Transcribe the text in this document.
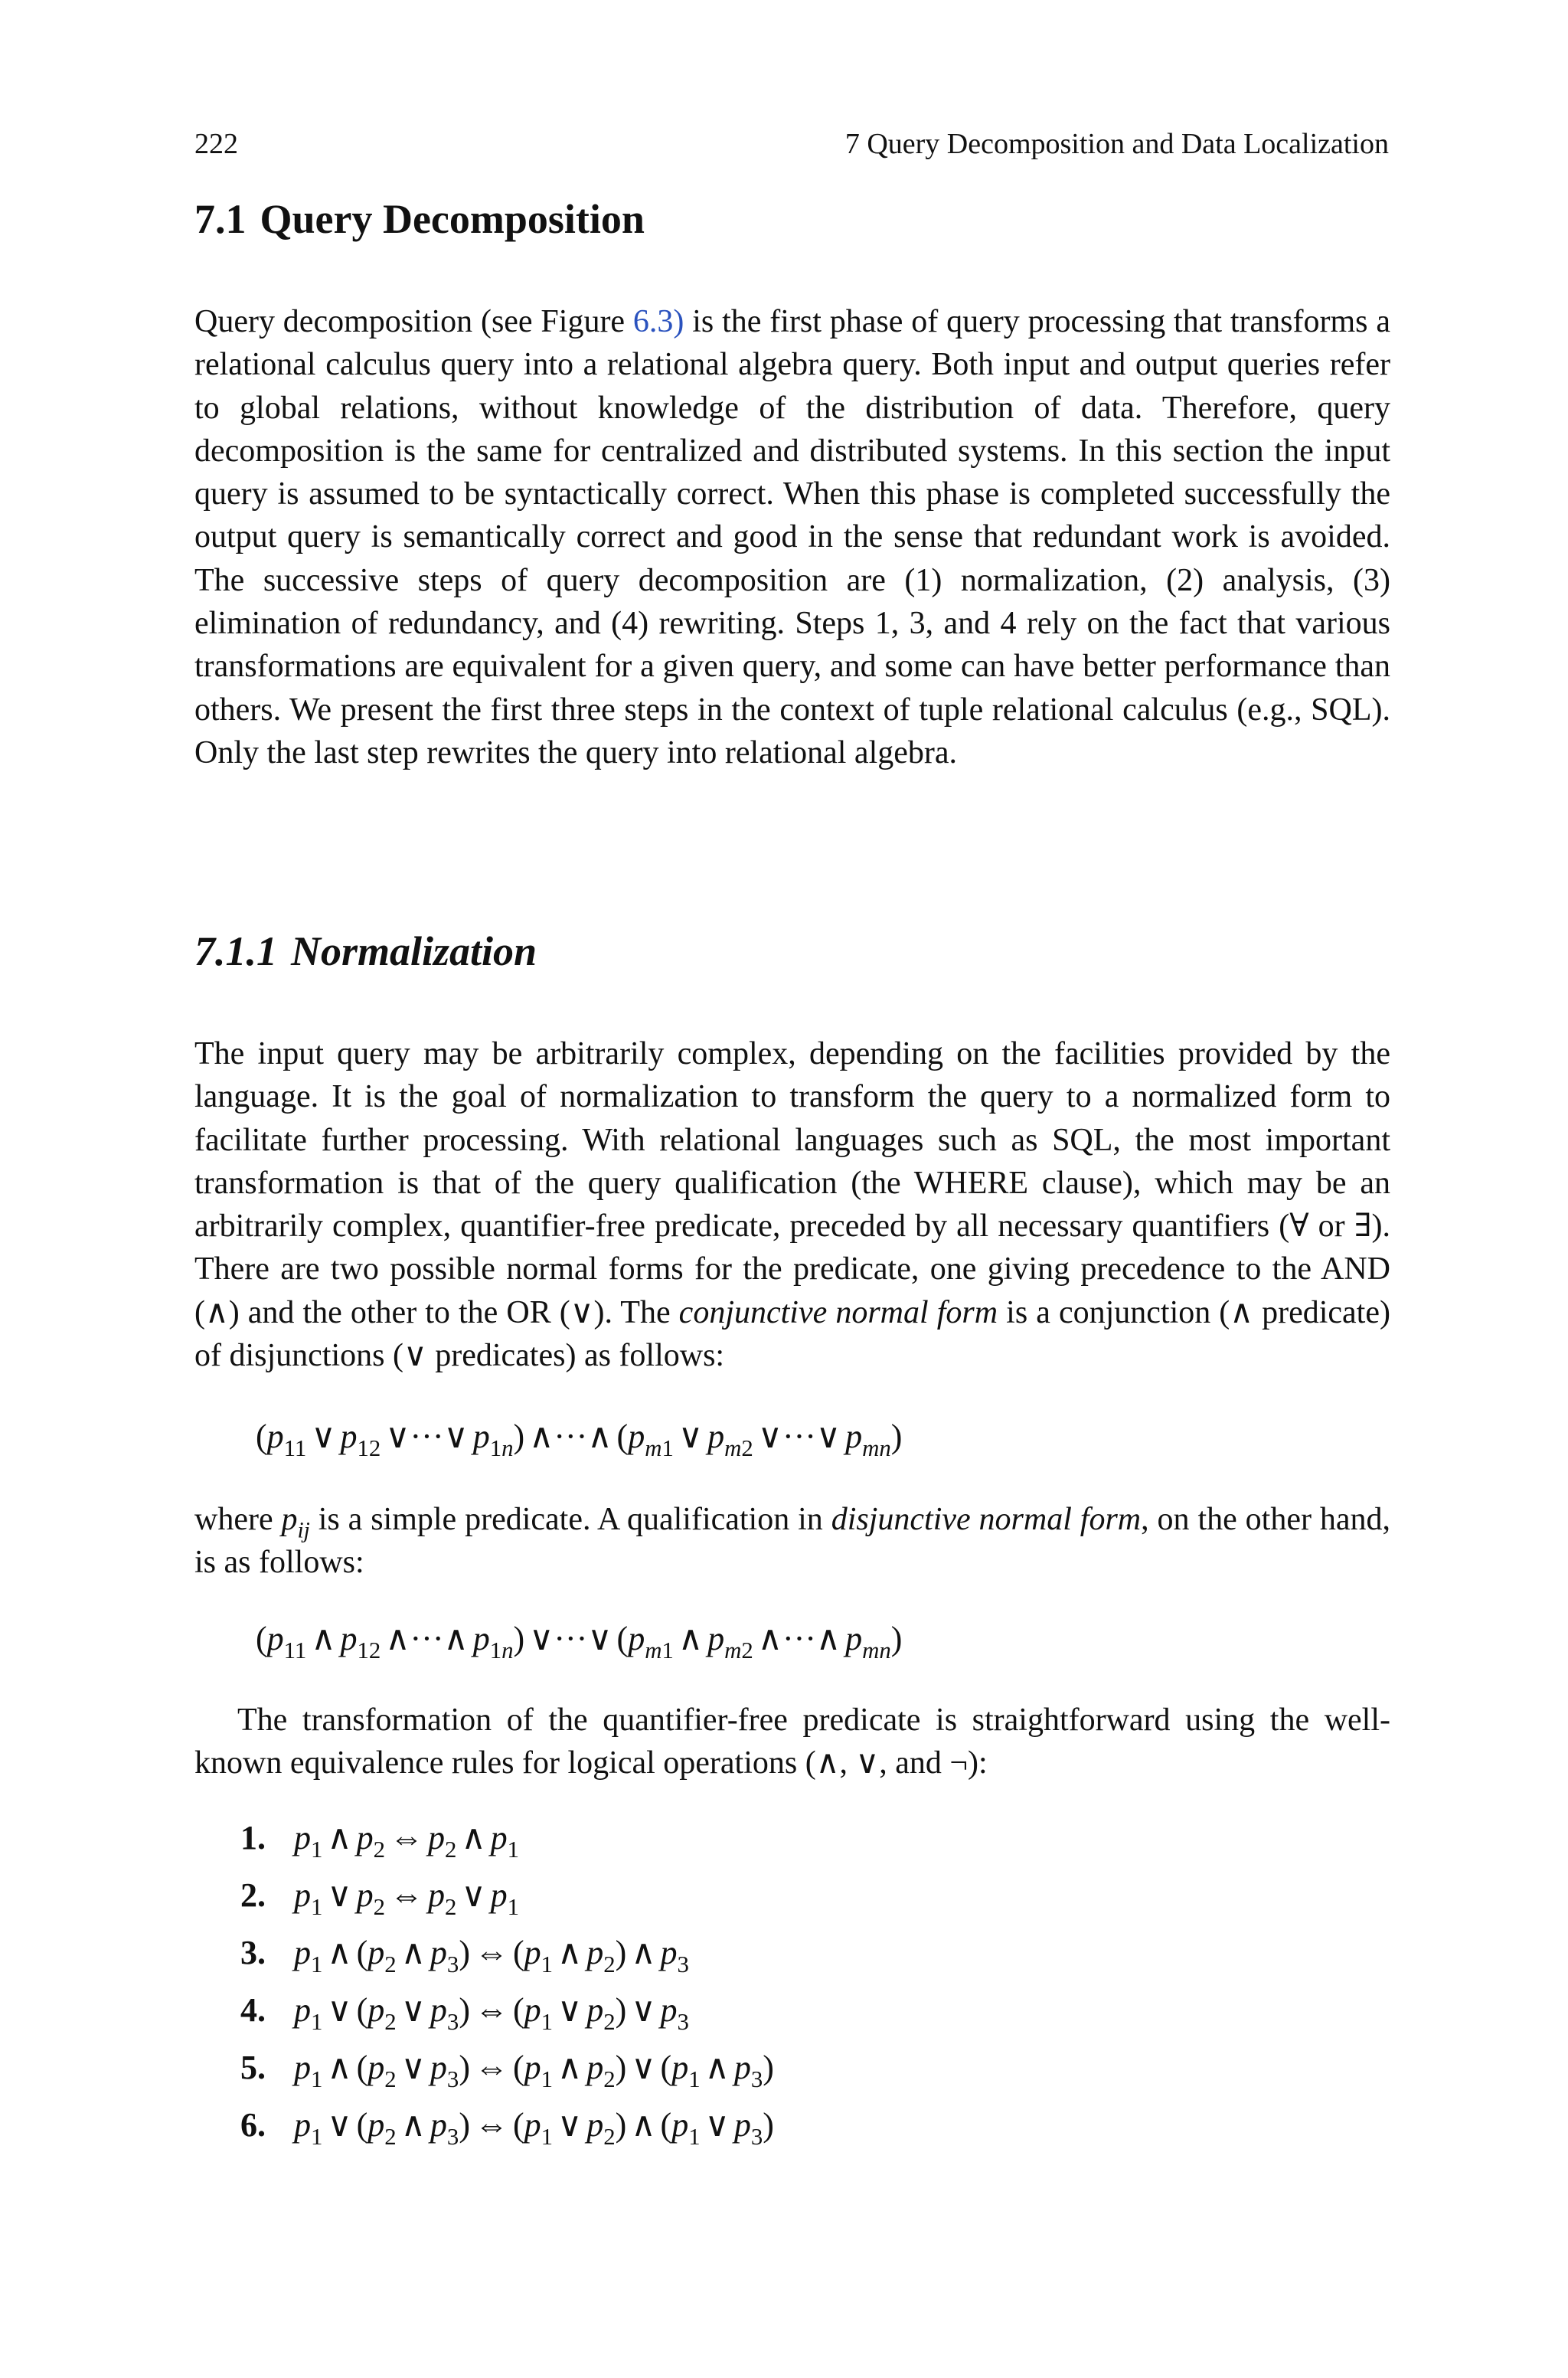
222	7 Query Decomposition and Data Localization
7.1 Query Decomposition

Query decomposition (see Figure 6.3) is the first phase of query processing that transforms a relational calculus query into a relational algebra query. Both input and output queries refer to global relations, without knowledge of the distribution of data. Therefore, query decomposition is the same for centralized and distributed systems. In this section the input query is assumed to be syntactically correct. When this phase is completed successfully the output query is semantically correct and good in the sense that redundant work is avoided. The successive steps of query decomposition are (1) normalization, (2) analysis, (3) elimination of redundancy, and (4) rewriting. Steps 1, 3, and 4 rely on the fact that various transformations are equivalent for a given query, and some can have better performance than others. We present the first three steps in the context of tuple relational calculus (e.g., SQL). Only the last step rewrites the query into relational algebra.

7.1.1 Normalization

The input query may be arbitrarily complex, depending on the facilities provided by the language. It is the goal of normalization to transform the query to a normalized form to facilitate further processing. With relational languages such as SQL, the most important transformation is that of the query qualification (the WHERE clause), which may be an arbitrarily complex, quantifier-free predicate, preceded by all necessary quantifiers (∀ or ∃). There are two possible normal forms for the predicate, one giving precedence to the AND (∧) and the other to the OR (∨). The conjunctive normal form is a conjunction (∧ predicate) of disjunctions (∨ predicates) as follows:

($p_{11}$ ∨ $p_{12}$ ∨···∨ $p_{1n}$) ∧···∧ ($p_{m1}$ ∨ $p_{m2}$ ∨···∨ $p_{mn}$)

where $p_{ij}$ is a simple predicate. A qualification in disjunctive normal form, on the other hand, is as follows:

($p_{11}$ ∧ $p_{12}$ ∧···∧ $p_{1n}$) ∨···∨ ($p_{m1}$ ∧ $p_{m2}$ ∧···∧ $p_{mn}$)

The transformation of the quantifier-free predicate is straightforward using the well-known equivalence rules for logical operations (∧, ∨, and ¬):

1. $p_1$ ∧ $p_2$ ⇔ $p_2$ ∧ $p_1$
2. $p_1$ ∨ $p_2$ ⇔ $p_2$ ∨ $p_1$
3. $p_1$ ∧ ($p_2$ ∧ $p_3$) ⇔ ($p_1$ ∧ $p_2$) ∧ $p_3$
4. $p_1$ ∨ ($p_2$ ∨ $p_3$) ⇔ ($p_1$ ∨ $p_2$) ∨ $p_3$
5. $p_1$ ∧ ($p_2$ ∨ $p_3$) ⇔ ($p_1$ ∧ $p_2$) ∨ ($p_1$ ∧ $p_3$)
6. $p_1$ ∨ ($p_2$ ∧ $p_3$) ⇔ ($p_1$ ∨ $p_2$) ∧ ($p_1$ ∨ $p_3$)
